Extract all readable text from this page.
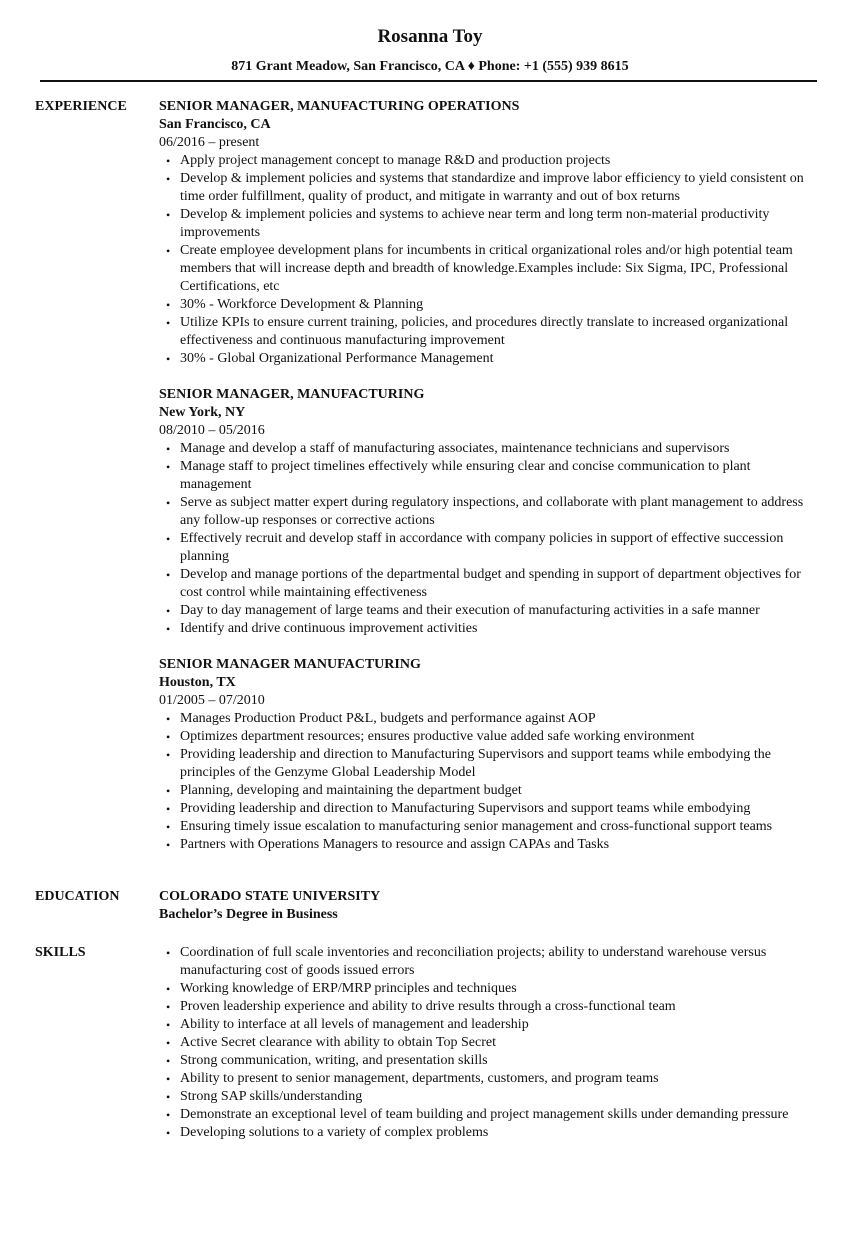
Rosanna Toy
871 Grant Meadow, San Francisco, CA ♦ Phone: +1 (555) 939 8615
EXPERIENCE SENIOR MANAGER, MANUFACTURING OPERATIONS
San Francisco, CA
06/2016 – present
• Apply project management concept to manage R&D and production projects
• Develop & implement policies and systems that standardize and improve labor efficiency to yield consistent on time order fulfillment, quality of product, and mitigate in warranty and out of box returns
• Develop & implement policies and systems to achieve near term and long term non-material productivity improvements
• Create employee development plans for incumbents in critical organizational roles and/or high potential team members that will increase depth and breadth of knowledge.Examples include: Six Sigma, IPC, Professional Certifications, etc
• 30% - Workforce Development & Planning
• Utilize KPIs to ensure current training, policies, and procedures directly translate to increased organizational effectiveness and continuous manufacturing improvement
• 30% - Global Organizational Performance Management
SENIOR MANAGER, MANUFACTURING
New York, NY
08/2010 – 05/2016
• Manage and develop a staff of manufacturing associates, maintenance technicians and supervisors
• Manage staff to project timelines effectively while ensuring clear and concise communication to plant management
• Serve as subject matter expert during regulatory inspections, and collaborate with plant management to address any follow-up responses or corrective actions
• Effectively recruit and develop staff in accordance with company policies in support of effective succession planning
• Develop and manage portions of the departmental budget and spending in support of department objectives for cost control while maintaining effectiveness
• Day to day management of large teams and their execution of manufacturing activities in a safe manner
• Identify and drive continuous improvement activities
SENIOR MANAGER MANUFACTURING
Houston, TX
01/2005 – 07/2010
• Manages Production Product P&L, budgets and performance against AOP
• Optimizes department resources; ensures productive value added safe working environment
• Providing leadership and direction to Manufacturing Supervisors and support teams while embodying the principles of the Genzyme Global Leadership Model
• Planning, developing and maintaining the department budget
• Providing leadership and direction to Manufacturing Supervisors and support teams while embodying
• Ensuring timely issue escalation to manufacturing senior management and cross-functional support teams
• Partners with Operations Managers to resource and assign CAPAs and Tasks
EDUCATION	COLORADO STATE UNIVERSITY
Bachelor’s Degree in Business
SKILLS	• Coordination of full scale inventories and reconciliation projects; ability to understand warehouse versus manufacturing cost of goods issued errors
• Working knowledge of ERP/MRP principles and techniques
• Proven leadership experience and ability to drive results through a cross-functional team
• Ability to interface at all levels of management and leadership
• Active Secret clearance with ability to obtain Top Secret
• Strong communication, writing, and presentation skills
• Ability to present to senior management, departments, customers, and program teams
• Strong SAP skills/understanding
• Demonstrate an exceptional level of team building and project management skills under demanding pressure
• Developing solutions to a variety of complex problems
